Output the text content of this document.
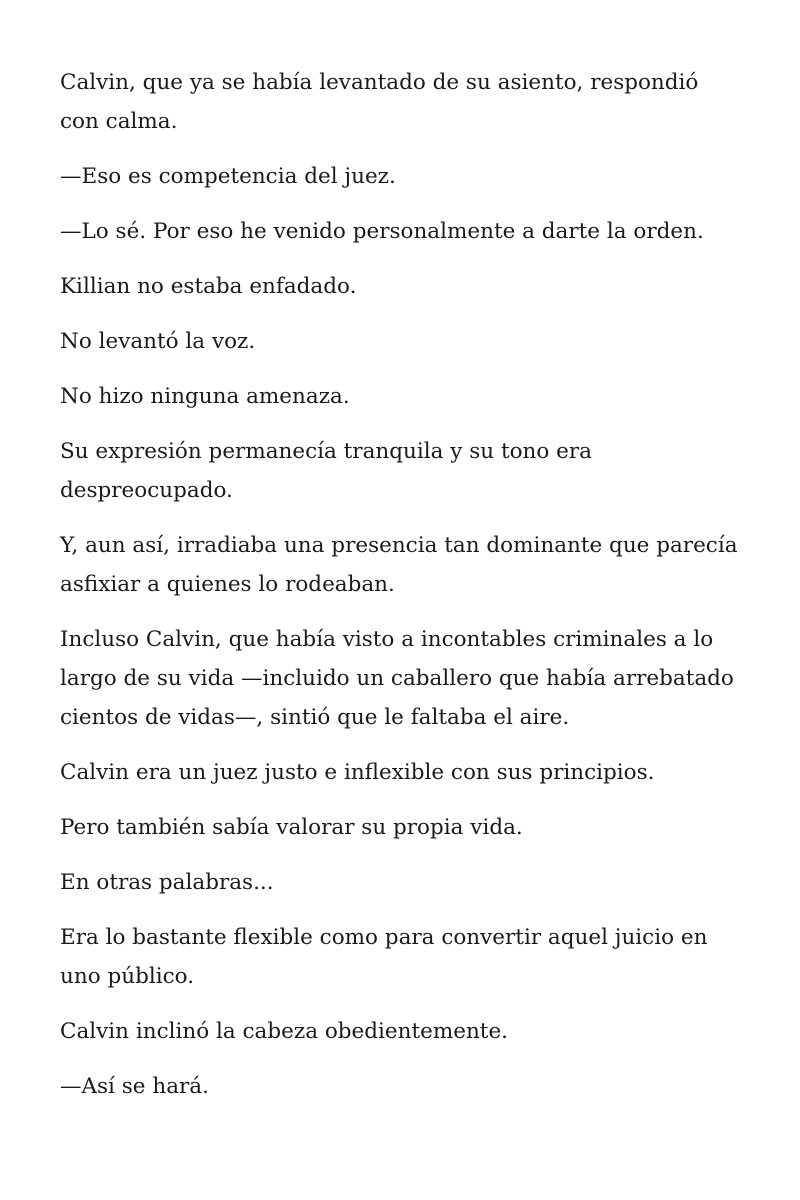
Calvin, que ya se había levantado de su asiento, respondió con calma.

—Eso es competencia del juez.

—Lo sé. Por eso he venido personalmente a darte la orden.

Killian no estaba enfadado.

No levantó la voz.

No hizo ninguna amenaza.

Su expresión permanecía tranquila y su tono era despreocupado.

Y, aun así, irradiaba una presencia tan dominante que parecía asfixiar a quienes lo rodeaban.

Incluso Calvin, que había visto a incontables criminales a lo largo de su vida —incluido un caballero que había arrebatado cientos de vidas—, sintió que le faltaba el aire.

Calvin era un juez justo e inflexible con sus principios.

Pero también sabía valorar su propia vida.

En otras palabras...

Era lo bastante flexible como para convertir aquel juicio en uno público.

Calvin inclinó la cabeza obedientemente.

—Así se hará.
